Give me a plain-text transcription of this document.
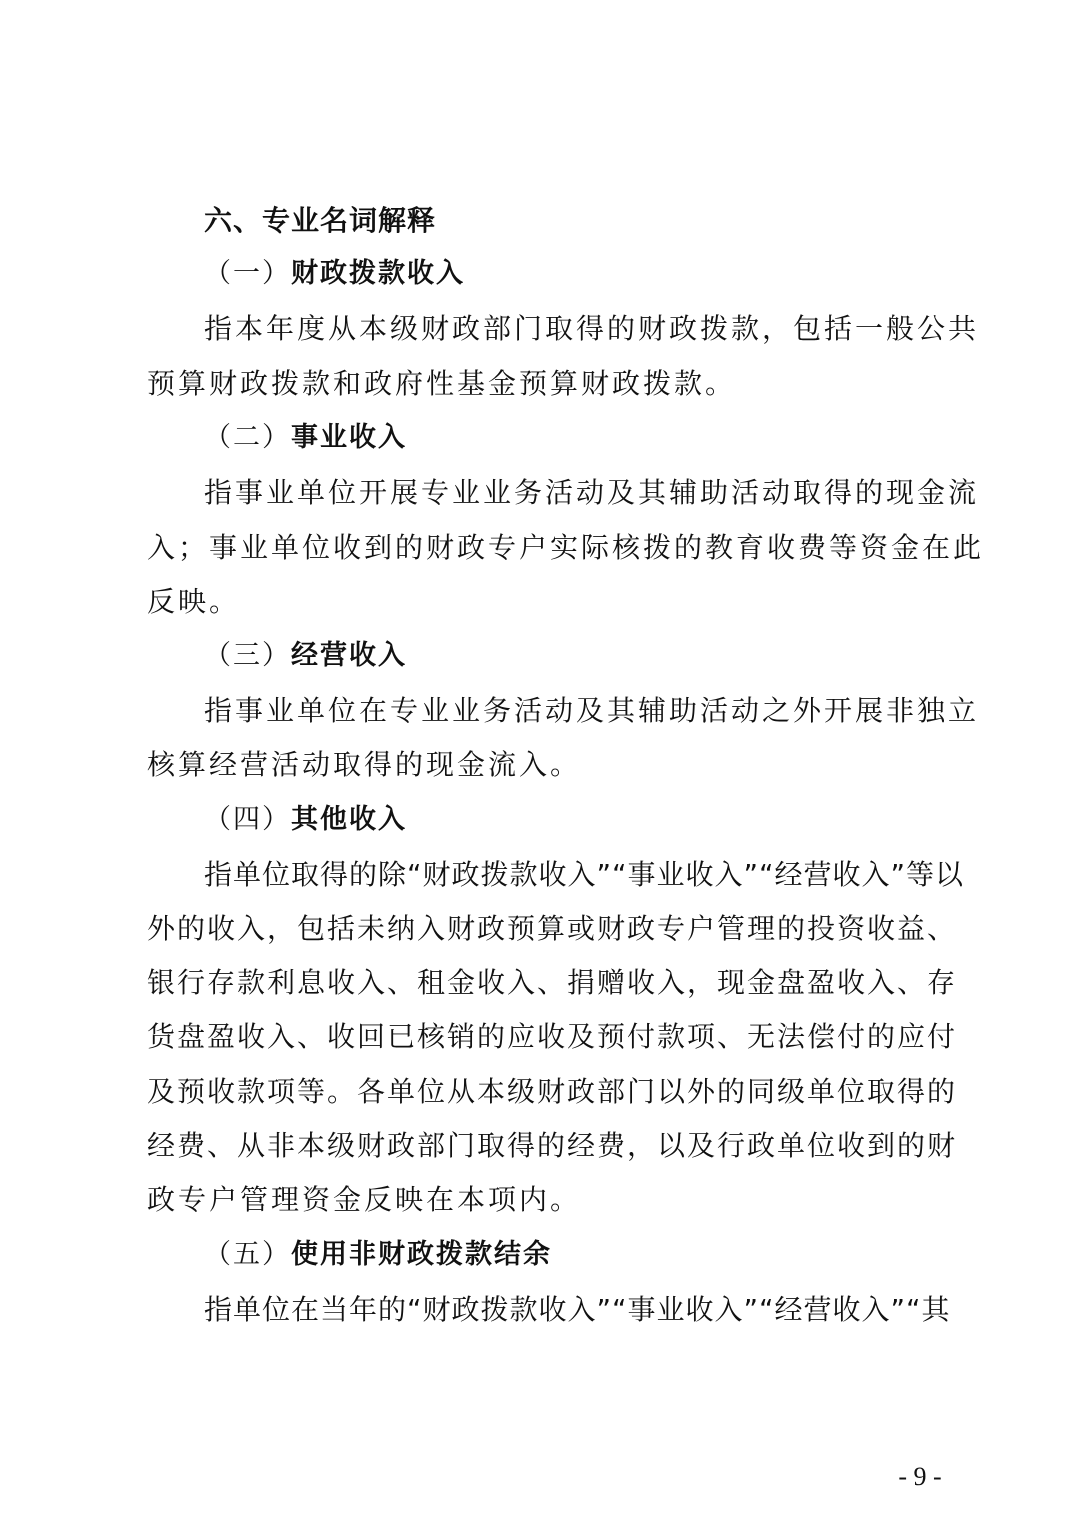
六、专业名词解释
（一）财政拨款收入
指本年度从本级财政部门取得的财政拨款，包括一般公共
预算财政拨款和政府性基金预算财政拨款。
（二）事业收入
指事业单位开展专业业务活动及其辅助活动取得的现金流
入；事业单位收到的财政专户实际核拨的教育收费等资金在此
反映。
（三）经营收入
指事业单位在专业业务活动及其辅助活动之外开展非独立
核算经营活动取得的现金流入。
（四）其他收入
指单位取得的除“财政拨款收入”“事业收入”“经营收入”等以
外的收入，包括未纳入财政预算或财政专户管理的投资收益、
银行存款利息收入、租金收入、捐赠收入，现金盘盈收入、存
货盘盈收入、收回已核销的应收及预付款项、无法偿付的应付
及预收款项等。各单位从本级财政部门以外的同级单位取得的
经费、从非本级财政部门取得的经费，以及行政单位收到的财
政专户管理资金反映在本项内。
（五）使用非财政拨款结余
指单位在当年的“财政拨款收入”“事业收入”“经营收入”“其
- 9 -
